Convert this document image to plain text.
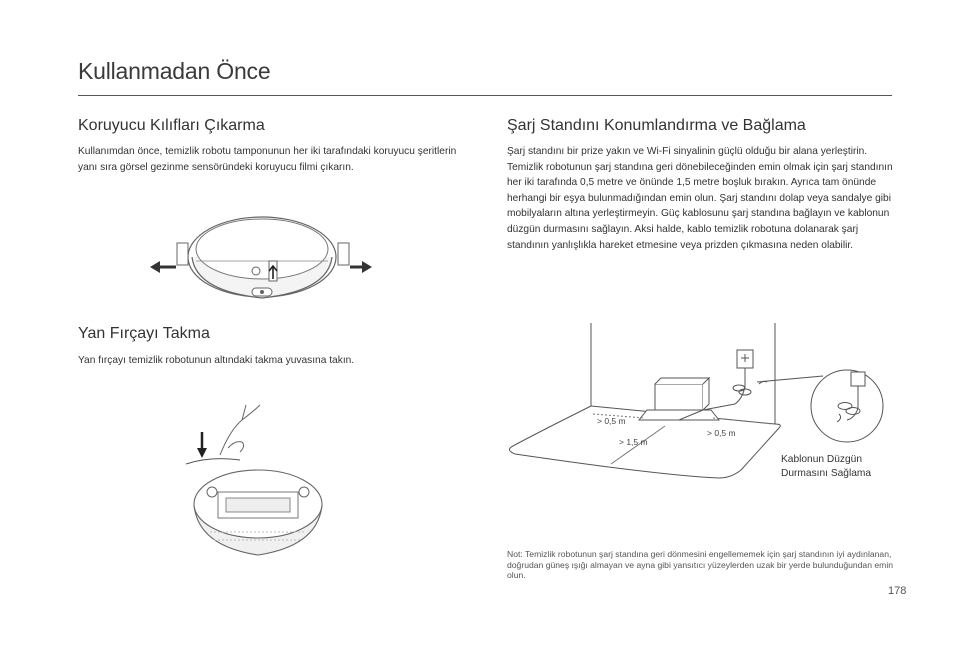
Kullanmadan Önce
Koruyucu Kılıfları Çıkarma
Kullanımdan önce, temizlik robotu tamponunun her iki tarafındaki koruyucu şeritlerin yanı sıra görsel gezinme sensöründeki koruyucu filmi çıkarın.
Yan Fırçayı Takma
Yan fırçayı temizlik robotunun altındaki takma yuvasına takın.
Şarj Standını Konumlandırma ve Bağlama
Şarj standını bir prize yakın ve Wi-Fi sinyalinin güçlü olduğu bir alana yerleştirin. Temizlik robotunun şarj standına geri dönebileceğinden emin olmak için şarj standının her iki tarafında 0,5 metre ve önünde 1,5 metre boşluk bırakın. Ayrıca tam önünde herhangi bir eşya bulunmadığından emin olun. Şarj standını dolap veya sandalye gibi mobilyaların altına yerleştirmeyin. Güç kablosunu şarj standına bağlayın ve kablonun düzgün durmasını sağlayın. Aksi halde, kablo temizlik robotuna dolanarak şarj standının yanlışlıkla hareket etmesine veya prizden çıkmasına neden olabilir.
> 0,5 m
> 0,5 m
> 1,5 m
Kablonun Düzgün
Durmasını Sağlama
Not: Temizlik robotunun şarj standına geri dönmesini engellememek için şarj standının iyi aydınlanan, doğrudan güneş ışığı almayan ve ayna gibi yansıtıcı yüzeylerden uzak bir yerde bulunduğundan emin olun.
178
